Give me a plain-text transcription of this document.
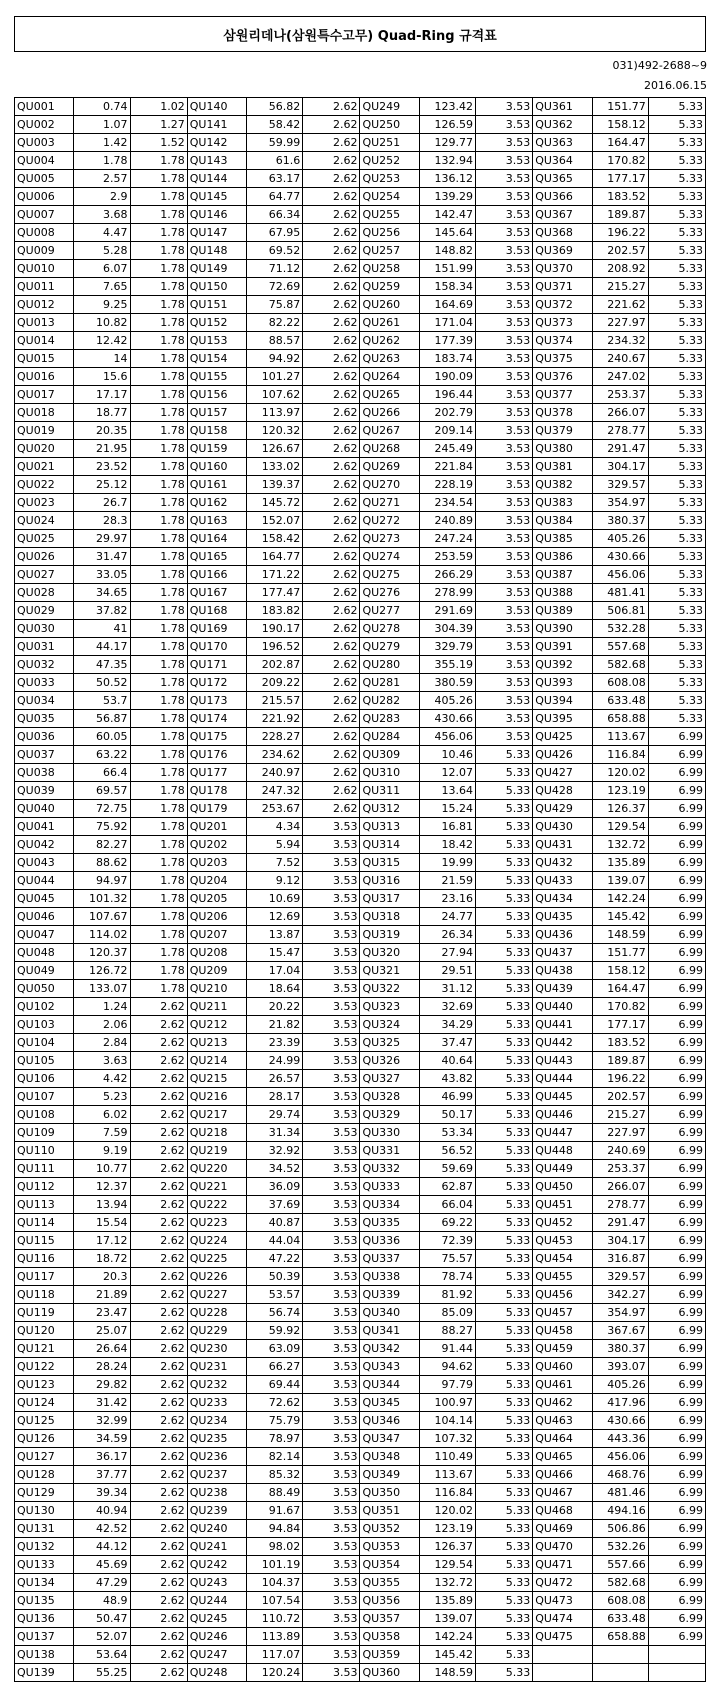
삼원리데나(삼원특수고무) Quad-Ring 규격표
031)492-2688~9
2016.06.15
QU001	0.74	1.02	QU140	56.82	2.62	QU249	123.42	3.53	QU361	151.77	5.33
QU002	1.07	1.27	QU141	58.42	2.62	QU250	126.59	3.53	QU362	158.12	5.33
QU003	1.42	1.52	QU142	59.99	2.62	QU251	129.77	3.53	QU363	164.47	5.33
QU004	1.78	1.78	QU143	61.6	2.62	QU252	132.94	3.53	QU364	170.82	5.33
QU005	2.57	1.78	QU144	63.17	2.62	QU253	136.12	3.53	QU365	177.17	5.33
QU006	2.9	1.78	QU145	64.77	2.62	QU254	139.29	3.53	QU366	183.52	5.33
QU007	3.68	1.78	QU146	66.34	2.62	QU255	142.47	3.53	QU367	189.87	5.33
QU008	4.47	1.78	QU147	67.95	2.62	QU256	145.64	3.53	QU368	196.22	5.33
QU009	5.28	1.78	QU148	69.52	2.62	QU257	148.82	3.53	QU369	202.57	5.33
QU010	6.07	1.78	QU149	71.12	2.62	QU258	151.99	3.53	QU370	208.92	5.33
QU011	7.65	1.78	QU150	72.69	2.62	QU259	158.34	3.53	QU371	215.27	5.33
QU012	9.25	1.78	QU151	75.87	2.62	QU260	164.69	3.53	QU372	221.62	5.33
QU013	10.82	1.78	QU152	82.22	2.62	QU261	171.04	3.53	QU373	227.97	5.33
QU014	12.42	1.78	QU153	88.57	2.62	QU262	177.39	3.53	QU374	234.32	5.33
QU015	14	1.78	QU154	94.92	2.62	QU263	183.74	3.53	QU375	240.67	5.33
QU016	15.6	1.78	QU155	101.27	2.62	QU264	190.09	3.53	QU376	247.02	5.33
QU017	17.17	1.78	QU156	107.62	2.62	QU265	196.44	3.53	QU377	253.37	5.33
QU018	18.77	1.78	QU157	113.97	2.62	QU266	202.79	3.53	QU378	266.07	5.33
QU019	20.35	1.78	QU158	120.32	2.62	QU267	209.14	3.53	QU379	278.77	5.33
QU020	21.95	1.78	QU159	126.67	2.62	QU268	245.49	3.53	QU380	291.47	5.33
QU021	23.52	1.78	QU160	133.02	2.62	QU269	221.84	3.53	QU381	304.17	5.33
QU022	25.12	1.78	QU161	139.37	2.62	QU270	228.19	3.53	QU382	329.57	5.33
QU023	26.7	1.78	QU162	145.72	2.62	QU271	234.54	3.53	QU383	354.97	5.33
QU024	28.3	1.78	QU163	152.07	2.62	QU272	240.89	3.53	QU384	380.37	5.33
QU025	29.97	1.78	QU164	158.42	2.62	QU273	247.24	3.53	QU385	405.26	5.33
QU026	31.47	1.78	QU165	164.77	2.62	QU274	253.59	3.53	QU386	430.66	5.33
QU027	33.05	1.78	QU166	171.22	2.62	QU275	266.29	3.53	QU387	456.06	5.33
QU028	34.65	1.78	QU167	177.47	2.62	QU276	278.99	3.53	QU388	481.41	5.33
QU029	37.82	1.78	QU168	183.82	2.62	QU277	291.69	3.53	QU389	506.81	5.33
QU030	41	1.78	QU169	190.17	2.62	QU278	304.39	3.53	QU390	532.28	5.33
QU031	44.17	1.78	QU170	196.52	2.62	QU279	329.79	3.53	QU391	557.68	5.33
QU032	47.35	1.78	QU171	202.87	2.62	QU280	355.19	3.53	QU392	582.68	5.33
QU033	50.52	1.78	QU172	209.22	2.62	QU281	380.59	3.53	QU393	608.08	5.33
QU034	53.7	1.78	QU173	215.57	2.62	QU282	405.26	3.53	QU394	633.48	5.33
QU035	56.87	1.78	QU174	221.92	2.62	QU283	430.66	3.53	QU395	658.88	5.33
QU036	60.05	1.78	QU175	228.27	2.62	QU284	456.06	3.53	QU425	113.67	6.99
QU037	63.22	1.78	QU176	234.62	2.62	QU309	10.46	5.33	QU426	116.84	6.99
QU038	66.4	1.78	QU177	240.97	2.62	QU310	12.07	5.33	QU427	120.02	6.99
QU039	69.57	1.78	QU178	247.32	2.62	QU311	13.64	5.33	QU428	123.19	6.99
QU040	72.75	1.78	QU179	253.67	2.62	QU312	15.24	5.33	QU429	126.37	6.99
QU041	75.92	1.78	QU201	4.34	3.53	QU313	16.81	5.33	QU430	129.54	6.99
QU042	82.27	1.78	QU202	5.94	3.53	QU314	18.42	5.33	QU431	132.72	6.99
QU043	88.62	1.78	QU203	7.52	3.53	QU315	19.99	5.33	QU432	135.89	6.99
QU044	94.97	1.78	QU204	9.12	3.53	QU316	21.59	5.33	QU433	139.07	6.99
QU045	101.32	1.78	QU205	10.69	3.53	QU317	23.16	5.33	QU434	142.24	6.99
QU046	107.67	1.78	QU206	12.69	3.53	QU318	24.77	5.33	QU435	145.42	6.99
QU047	114.02	1.78	QU207	13.87	3.53	QU319	26.34	5.33	QU436	148.59	6.99
QU048	120.37	1.78	QU208	15.47	3.53	QU320	27.94	5.33	QU437	151.77	6.99
QU049	126.72	1.78	QU209	17.04	3.53	QU321	29.51	5.33	QU438	158.12	6.99
QU050	133.07	1.78	QU210	18.64	3.53	QU322	31.12	5.33	QU439	164.47	6.99
QU102	1.24	2.62	QU211	20.22	3.53	QU323	32.69	5.33	QU440	170.82	6.99
QU103	2.06	2.62	QU212	21.82	3.53	QU324	34.29	5.33	QU441	177.17	6.99
QU104	2.84	2.62	QU213	23.39	3.53	QU325	37.47	5.33	QU442	183.52	6.99
QU105	3.63	2.62	QU214	24.99	3.53	QU326	40.64	5.33	QU443	189.87	6.99
QU106	4.42	2.62	QU215	26.57	3.53	QU327	43.82	5.33	QU444	196.22	6.99
QU107	5.23	2.62	QU216	28.17	3.53	QU328	46.99	5.33	QU445	202.57	6.99
QU108	6.02	2.62	QU217	29.74	3.53	QU329	50.17	5.33	QU446	215.27	6.99
QU109	7.59	2.62	QU218	31.34	3.53	QU330	53.34	5.33	QU447	227.97	6.99
QU110	9.19	2.62	QU219	32.92	3.53	QU331	56.52	5.33	QU448	240.69	6.99
QU111	10.77	2.62	QU220	34.52	3.53	QU332	59.69	5.33	QU449	253.37	6.99
QU112	12.37	2.62	QU221	36.09	3.53	QU333	62.87	5.33	QU450	266.07	6.99
QU113	13.94	2.62	QU222	37.69	3.53	QU334	66.04	5.33	QU451	278.77	6.99
QU114	15.54	2.62	QU223	40.87	3.53	QU335	69.22	5.33	QU452	291.47	6.99
QU115	17.12	2.62	QU224	44.04	3.53	QU336	72.39	5.33	QU453	304.17	6.99
QU116	18.72	2.62	QU225	47.22	3.53	QU337	75.57	5.33	QU454	316.87	6.99
QU117	20.3	2.62	QU226	50.39	3.53	QU338	78.74	5.33	QU455	329.57	6.99
QU118	21.89	2.62	QU227	53.57	3.53	QU339	81.92	5.33	QU456	342.27	6.99
QU119	23.47	2.62	QU228	56.74	3.53	QU340	85.09	5.33	QU457	354.97	6.99
QU120	25.07	2.62	QU229	59.92	3.53	QU341	88.27	5.33	QU458	367.67	6.99
QU121	26.64	2.62	QU230	63.09	3.53	QU342	91.44	5.33	QU459	380.37	6.99
QU122	28.24	2.62	QU231	66.27	3.53	QU343	94.62	5.33	QU460	393.07	6.99
QU123	29.82	2.62	QU232	69.44	3.53	QU344	97.79	5.33	QU461	405.26	6.99
QU124	31.42	2.62	QU233	72.62	3.53	QU345	100.97	5.33	QU462	417.96	6.99
QU125	32.99	2.62	QU234	75.79	3.53	QU346	104.14	5.33	QU463	430.66	6.99
QU126	34.59	2.62	QU235	78.97	3.53	QU347	107.32	5.33	QU464	443.36	6.99
QU127	36.17	2.62	QU236	82.14	3.53	QU348	110.49	5.33	QU465	456.06	6.99
QU128	37.77	2.62	QU237	85.32	3.53	QU349	113.67	5.33	QU466	468.76	6.99
QU129	39.34	2.62	QU238	88.49	3.53	QU350	116.84	5.33	QU467	481.46	6.99
QU130	40.94	2.62	QU239	91.67	3.53	QU351	120.02	5.33	QU468	494.16	6.99
QU131	42.52	2.62	QU240	94.84	3.53	QU352	123.19	5.33	QU469	506.86	6.99
QU132	44.12	2.62	QU241	98.02	3.53	QU353	126.37	5.33	QU470	532.26	6.99
QU133	45.69	2.62	QU242	101.19	3.53	QU354	129.54	5.33	QU471	557.66	6.99
QU134	47.29	2.62	QU243	104.37	3.53	QU355	132.72	5.33	QU472	582.68	6.99
QU135	48.9	2.62	QU244	107.54	3.53	QU356	135.89	5.33	QU473	608.08	6.99
QU136	50.47	2.62	QU245	110.72	3.53	QU357	139.07	5.33	QU474	633.48	6.99
QU137	52.07	2.62	QU246	113.89	3.53	QU358	142.24	5.33	QU475	658.88	6.99
QU138	53.64	2.62	QU247	117.07	3.53	QU359	145.42	5.33			
QU139	55.25	2.62	QU248	120.24	3.53	QU360	148.59	5.33			
